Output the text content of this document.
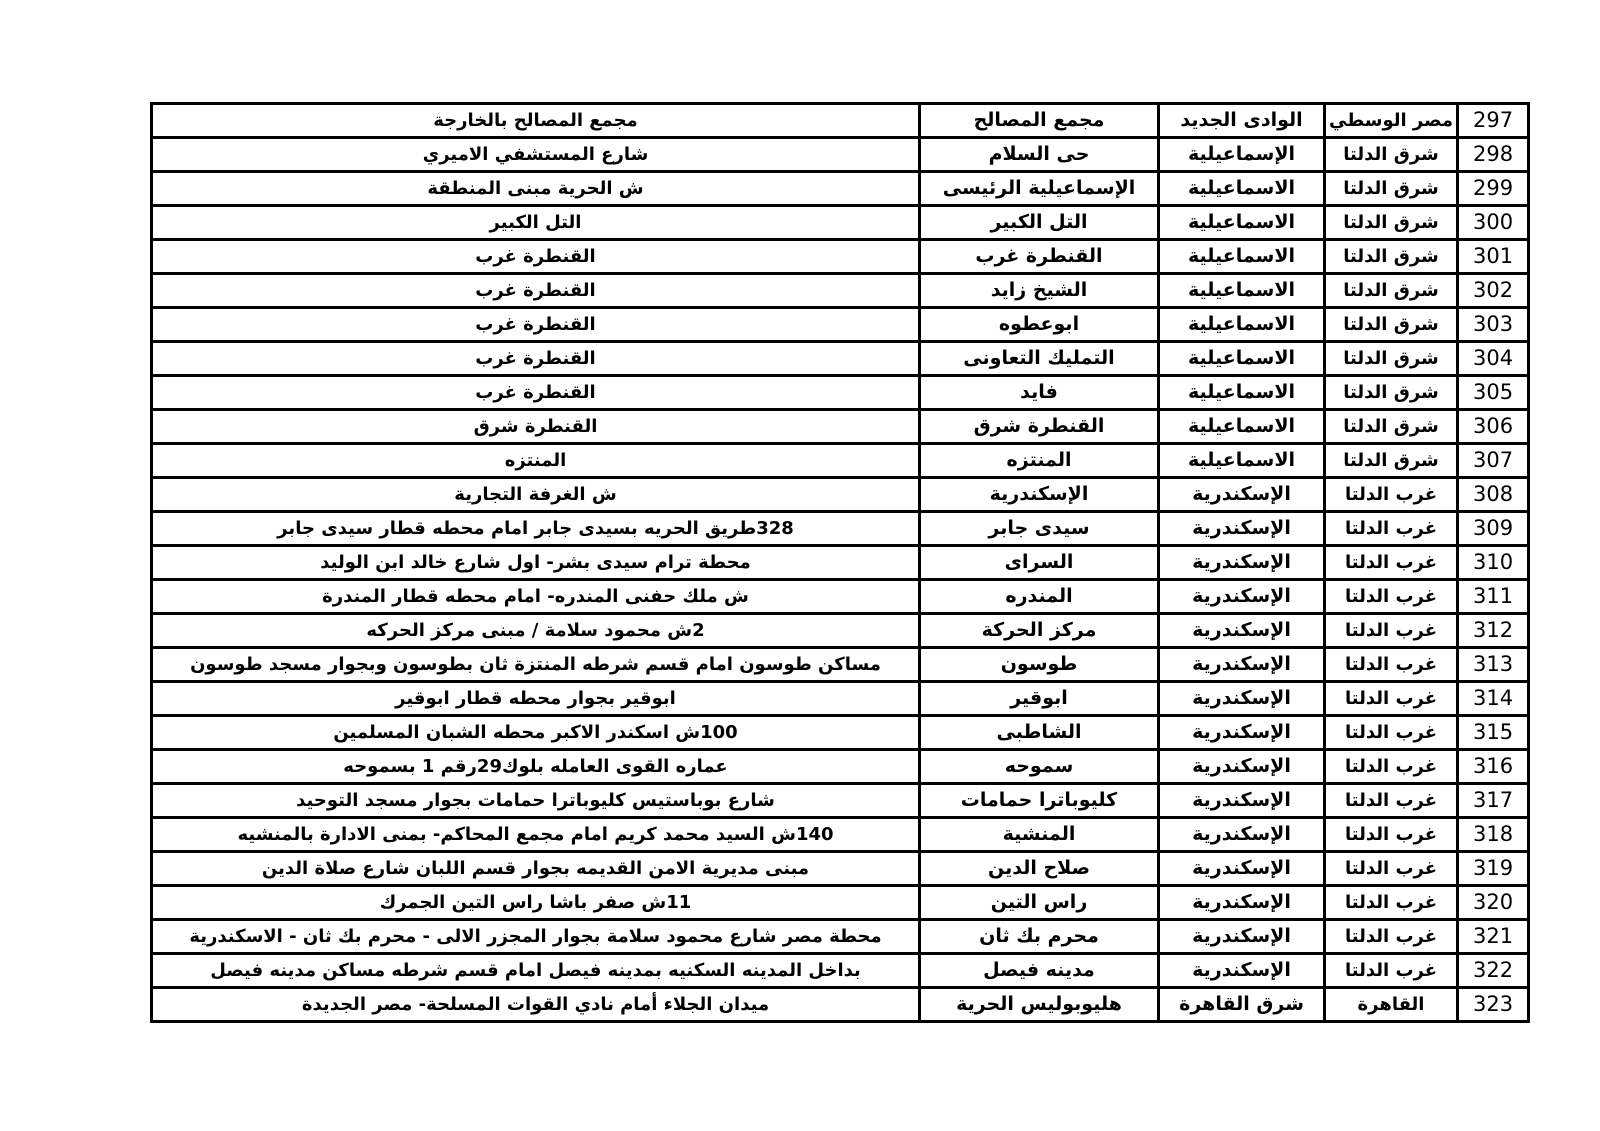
297	مصر الوسطي	الوادى الجديد	مجمع المصالح	مجمع المصالح بالخارجة
298	شرق الدلتا	الإسماعيلية	حى السلام	شارع المستشفي الاميري
299	شرق الدلتا	الاسماعيلية	الإسماعيلية الرئيسى	ش الحرية مبنى المنطقة
300	شرق الدلتا	الاسماعيلية	التل الكبير	التل الكبير
301	شرق الدلتا	الاسماعيلية	القنطرة غرب	القنطرة غرب
302	شرق الدلتا	الاسماعيلية	الشيخ زايد	القنطرة غرب
303	شرق الدلتا	الاسماعيلية	ابوعطوه	القنطرة غرب
304	شرق الدلتا	الاسماعيلية	التمليك التعاونى	القنطرة غرب
305	شرق الدلتا	الاسماعيلية	فايد	القنطرة غرب
306	شرق الدلتا	الاسماعيلية	القنطرة شرق	القنطرة شرق
307	شرق الدلتا	الاسماعيلية	المنتزه	المنتزه
308	غرب الدلتا	الإسكندرية	الإسكندرية	ش الغرفة التجارية
309	غرب الدلتا	الإسكندرية	سيدى جابر	328طريق الحريه بسيدى جابر امام محطه قطار سيدى جابر
310	غرب الدلتا	الإسكندرية	السراى	محطة ترام سيدى بشر- اول شارع خالد ابن الوليد
311	غرب الدلتا	الإسكندرية	المندره	ش ملك حفنى المندره- امام محطه قطار المندرة
312	غرب الدلتا	الإسكندرية	مركز الحركة	2ش محمود سلامة / مبنى مركز الحركه
313	غرب الدلتا	الإسكندرية	طوسون	مساكن طوسون امام قسم شرطه المنتزة ثان بطوسون وبجوار مسجد طوسون
314	غرب الدلتا	الإسكندرية	ابوقير	ابوقير بجوار محطه قطار ابوقير
315	غرب الدلتا	الإسكندرية	الشاطبى	100ش اسكندر الاكبر محطه الشبان المسلمين
316	غرب الدلتا	الإسكندرية	سموحه	عماره القوى العامله بلوك29رقم 1 بسموحه
317	غرب الدلتا	الإسكندرية	كليوباترا حمامات	شارع بوباستيس كليوباترا حمامات بجوار مسجد التوحيد
318	غرب الدلتا	الإسكندرية	المنشية	140ش السيد محمد كريم امام مجمع المحاكم- بمنى الادارة بالمنشيه
319	غرب الدلتا	الإسكندرية	صلاح الدين	مبنى مديرية الامن القديمه بجوار قسم اللبان شارع صلاة الدين
320	غرب الدلتا	الإسكندرية	راس التين	11ش صفر باشا راس التين الجمرك
321	غرب الدلتا	الإسكندرية	محرم بك ثان	محطة مصر شارع محمود سلامة بجوار المجزر الالى - محرم بك ثان - الاسكندرية
322	غرب الدلتا	الإسكندرية	مدينه فيصل	بداخل المدينه السكنيه بمدينه فيصل امام قسم شرطه مساكن مدينه فيصل
323	القاهرة	شرق القاهرة	هليوبوليس الحرية	ميدان الجلاء أمام نادي القوات المسلحة- مصر الجديدة
